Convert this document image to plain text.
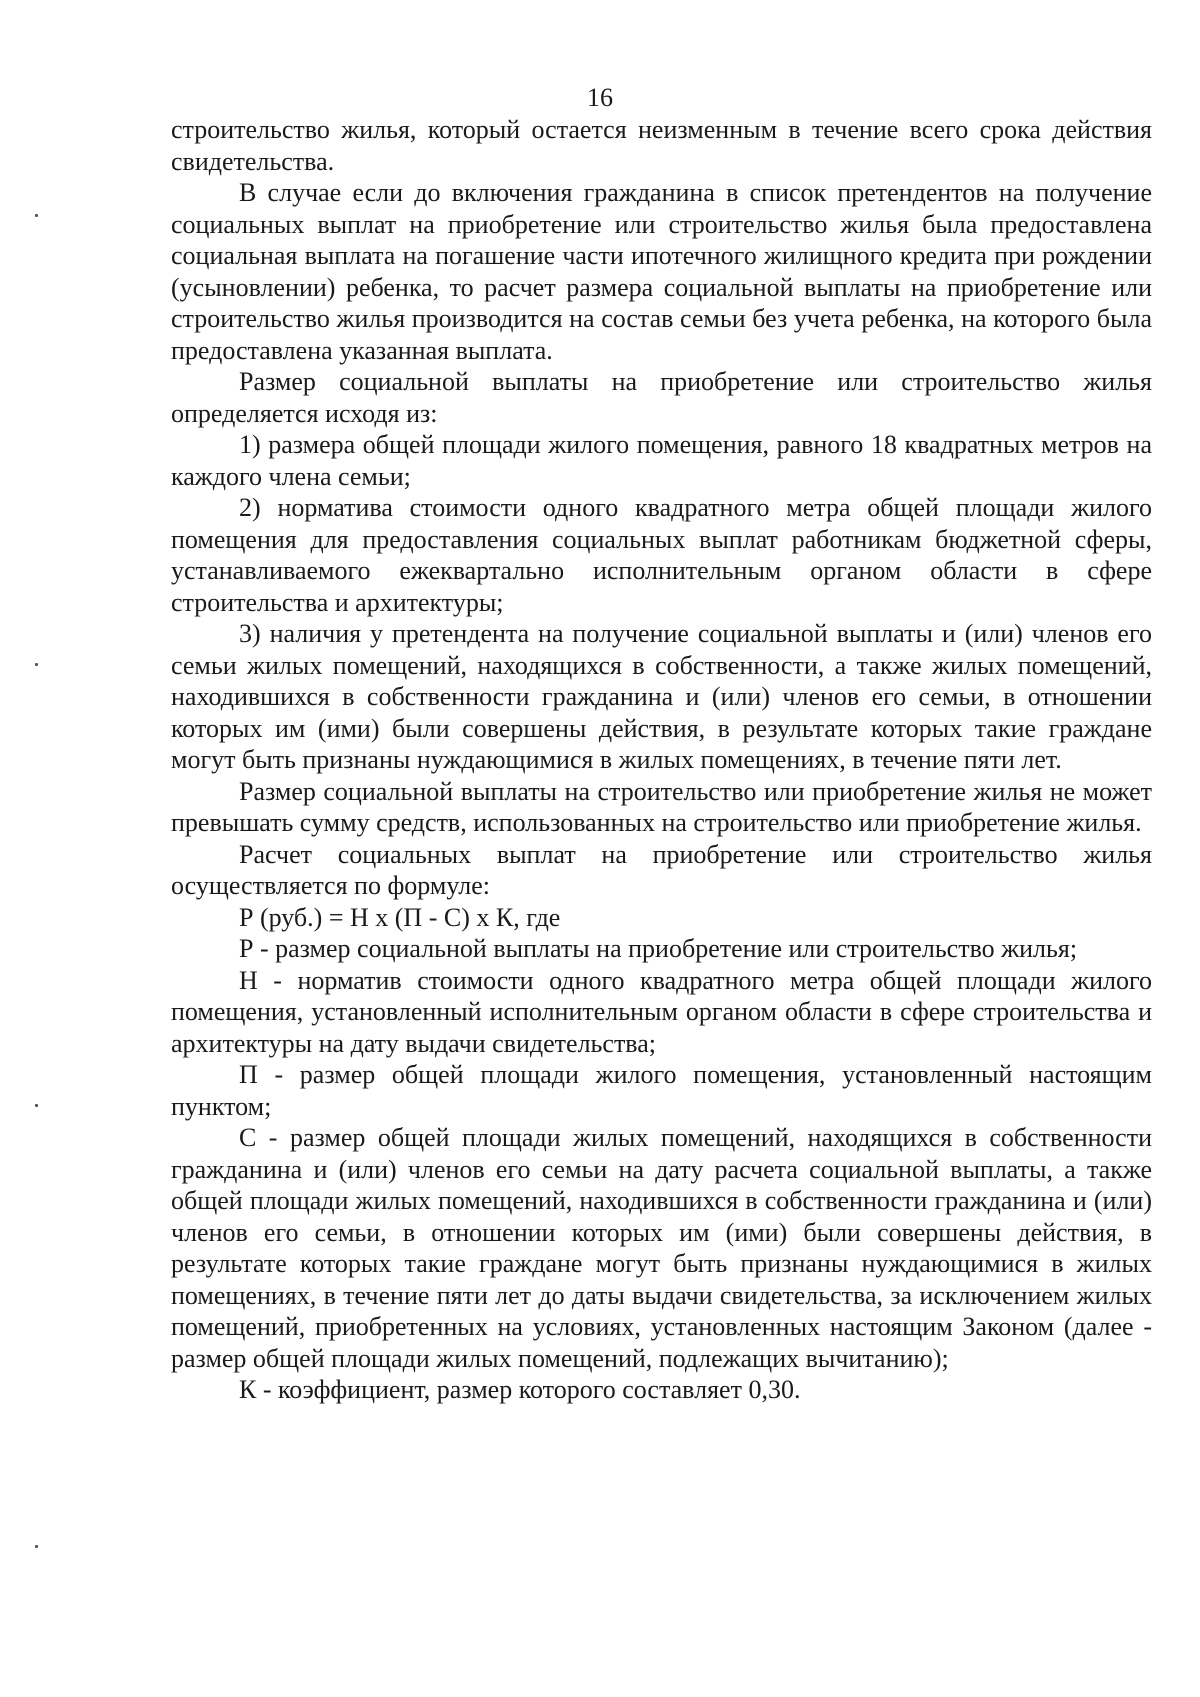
16

строительство жилья, который остается неизменным в течение всего срока действия свидетельства.

В случае если до включения гражданина в список претендентов на получение социальных выплат на приобретение или строительство жилья была предоставлена социальная выплата на погашение части ипотечного жилищного кредита при рождении (усыновлении) ребенка, то расчет размера социальной выплаты на приобретение или строительство жилья производится на состав семьи без учета ребенка, на которого была предоставлена указанная выплата.

Размер социальной выплаты на приобретение или строительство жилья определяется исходя из:

1) размера общей площади жилого помещения, равного 18 квадратных метров на каждого члена семьи;

2) норматива стоимости одного квадратного метра общей площади жилого помещения для предоставления социальных выплат работникам бюджетной сферы, устанавливаемого ежеквартально исполнительным органом области в сфере строительства и архитектуры;

3) наличия у претендента на получение социальной выплаты и (или) членов его семьи жилых помещений, находящихся в собственности, а также жилых помещений, находившихся в собственности гражданина и (или) членов его семьи, в отношении которых им (ими) были совершены действия, в результате которых такие граждане могут быть признаны нуждающимися в жилых помещениях, в течение пяти лет.

Размер социальной выплаты на строительство или приобретение жилья не может превышать сумму средств, использованных на строительство или приобретение жилья.

Расчет социальных выплат на приобретение или строительство жилья осуществляется по формуле:

Р (руб.) = Н х (П - С) х К, где

Р - размер социальной выплаты на приобретение или строительство жилья;

Н - норматив стоимости одного квадратного метра общей площади жилого помещения, установленный исполнительным органом области в сфере строительства и архитектуры на дату выдачи свидетельства;

П - размер общей площади жилого помещения, установленный настоящим пунктом;

С - размер общей площади жилых помещений, находящихся в собственности гражданина и (или) членов его семьи на дату расчета социальной выплаты, а также общей площади жилых помещений, находившихся в собственности гражданина и (или) членов его семьи, в отношении которых им (ими) были совершены действия, в результате которых такие граждане могут быть признаны нуждающимися в жилых помещениях, в течение пяти лет до даты выдачи свидетельства, за исключением жилых помещений, приобретенных на условиях, установленных настоящим Законом (далее - размер общей площади жилых помещений, подлежащих вычитанию);

К - коэффициент, размер которого составляет 0,30.
